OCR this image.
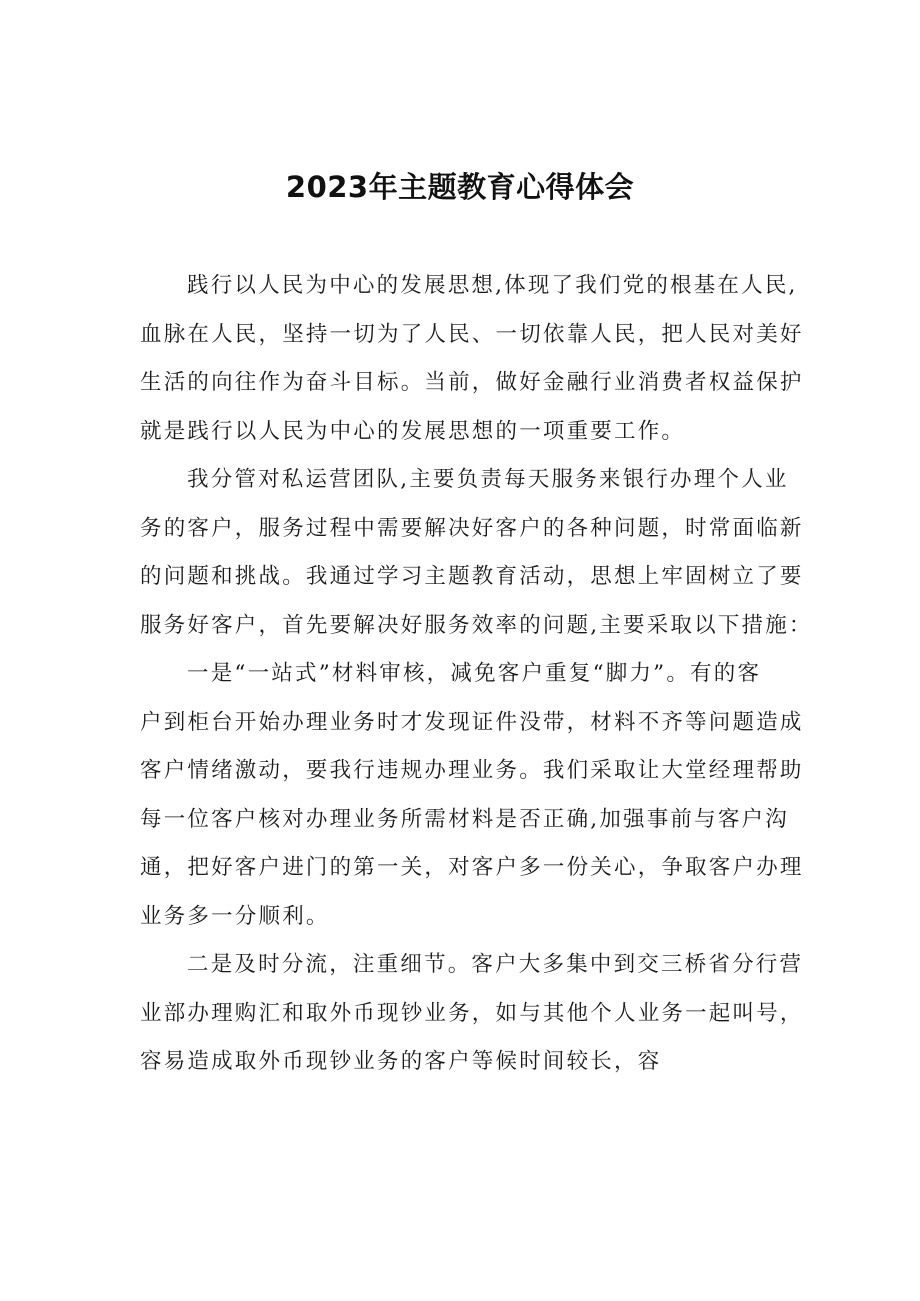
2023年主题教育心得体会

践行以人民为中心的发展思想,体现了我们党的根基在人民,
血脉在人民，坚持一切为了人民、一切依靠人民，把人民对美好
生活的向往作为奋斗目标。当前，做好金融行业消费者权益保护
就是践行以人民为中心的发展思想的一项重要工作。

我分管对私运营团队,主要负责每天服务来银行办理个人业
务的客户，服务过程中需要解决好客户的各种问题，时常面临新
的问题和挑战。我通过学习主题教育活动，思想上牢固树立了要
服务好客户，首先要解决好服务效率的问题,主要采取以下措施：

一是“一站式”材料审核，减免客户重复“脚力”。有的客
户到柜台开始办理业务时才发现证件没带，材料不齐等问题造成
客户情绪激动，要我行违规办理业务。我们采取让大堂经理帮助
每一位客户核对办理业务所需材料是否正确,加强事前与客户沟
通，把好客户进门的第一关，对客户多一份关心，争取客户办理
业务多一分顺利。

二是及时分流，注重细节。客户大多集中到交三桥省分行营
业部办理购汇和取外币现钞业务，如与其他个人业务一起叫号，
容易造成取外币现钞业务的客户等候时间较长，容
